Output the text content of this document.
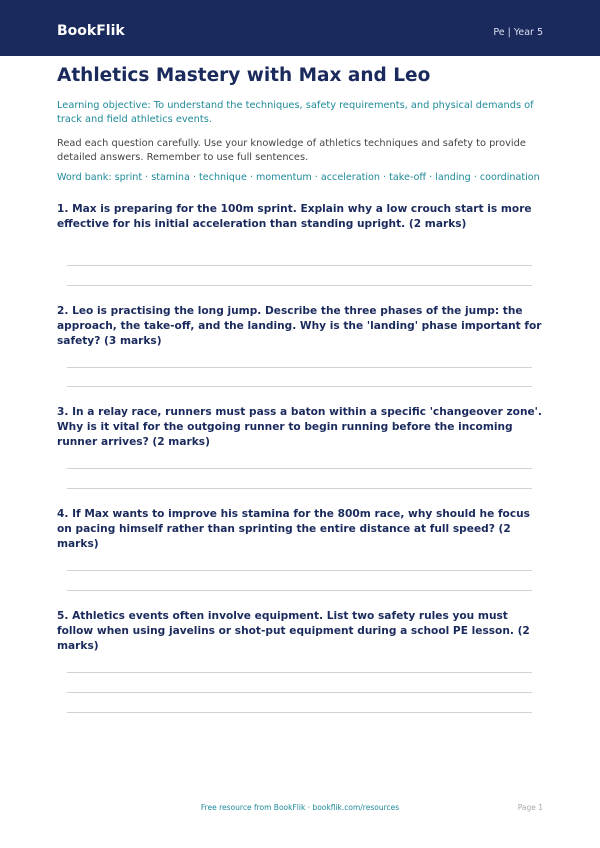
BookFlik	Pe | Year 5
Athletics Mastery with Max and Leo
Learning objective: To understand the techniques, safety requirements, and physical demands of track and field athletics events.
Read each question carefully. Use your knowledge of athletics techniques and safety to provide detailed answers. Remember to use full sentences.
Word bank: sprint · stamina · technique · momentum · acceleration · take-off · landing · coordination
1. Max is preparing for the 100m sprint. Explain why a low crouch start is more effective for his initial acceleration than standing upright. (2 marks)
2. Leo is practising the long jump. Describe the three phases of the jump: the approach, the take-off, and the landing. Why is the 'landing' phase important for safety? (3 marks)
3. In a relay race, runners must pass a baton within a specific 'changeover zone'. Why is it vital for the outgoing runner to begin running before the incoming runner arrives? (2 marks)
4. If Max wants to improve his stamina for the 800m race, why should he focus on pacing himself rather than sprinting the entire distance at full speed? (2 marks)
5. Athletics events often involve equipment. List two safety rules you must follow when using javelins or shot-put equipment during a school PE lesson. (2 marks)
Free resource from BookFlik · bookflik.com/resources	Page 1
